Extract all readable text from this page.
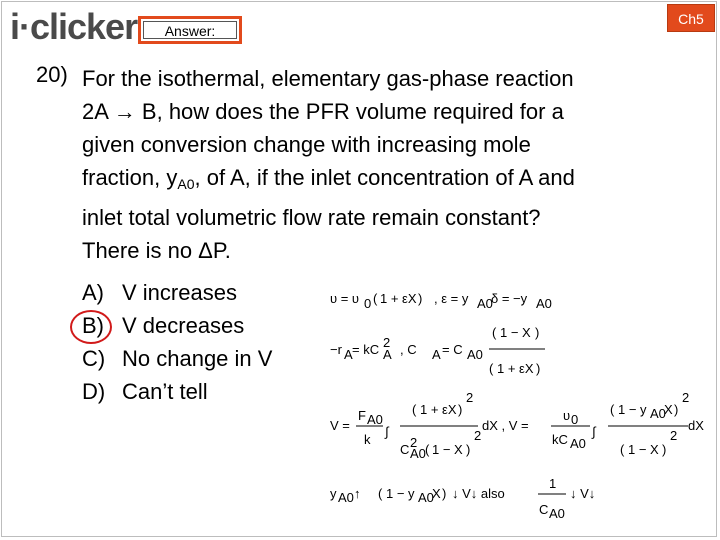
i·clicker	Answer:
Ch5
20) For the isothermal, elementary gas-phase reaction
2A → B, how does the PFR volume required for a
given conversion change with increasing mole
fraction, $y_{A0}$, of A, if the inlet concentration of A and
inlet total volumetric flow rate remain constant?
There is no ΔP.
A) V increases
B) V decreases
C) No change in V
D) Can’t tell
υ = υ 0 ( 1 + εX ) , ε = y A0
δ = −y A0
−r A = kC 2
A , C A = C A0
( 1 − X )
( 1 + εX )
V =
F A0
k
∫
( 1 + εX )
2
C 2
A0 ( 1 − X )
2
dX , V =
υ 0
kC A0
∫
( 1 − y A0
X )
2
( 1 − X )
2
dX
y A0 ↑ ( 1 − y A0
X ) ↓ V↓ also
1
C A0
↓ V↓
